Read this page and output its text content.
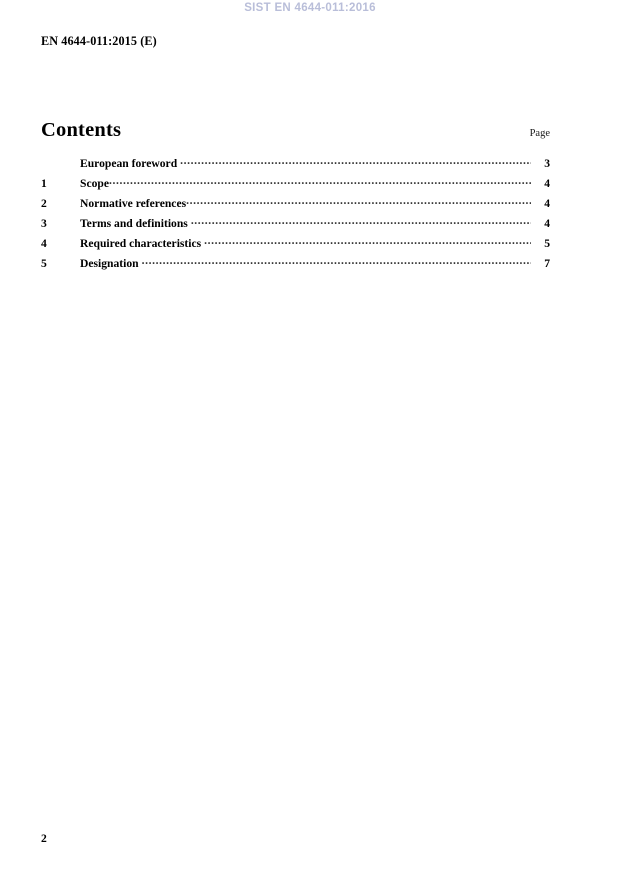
SIST EN 4644-011:2016
EN 4644-011:2015 (E)
Contents	Page
European foreword .....	3
1	Scope .....	4
2	Normative references .....	4
3	Terms and definitions .....	4
4	Required characteristics .....	5
5	Designation .....	7
2
